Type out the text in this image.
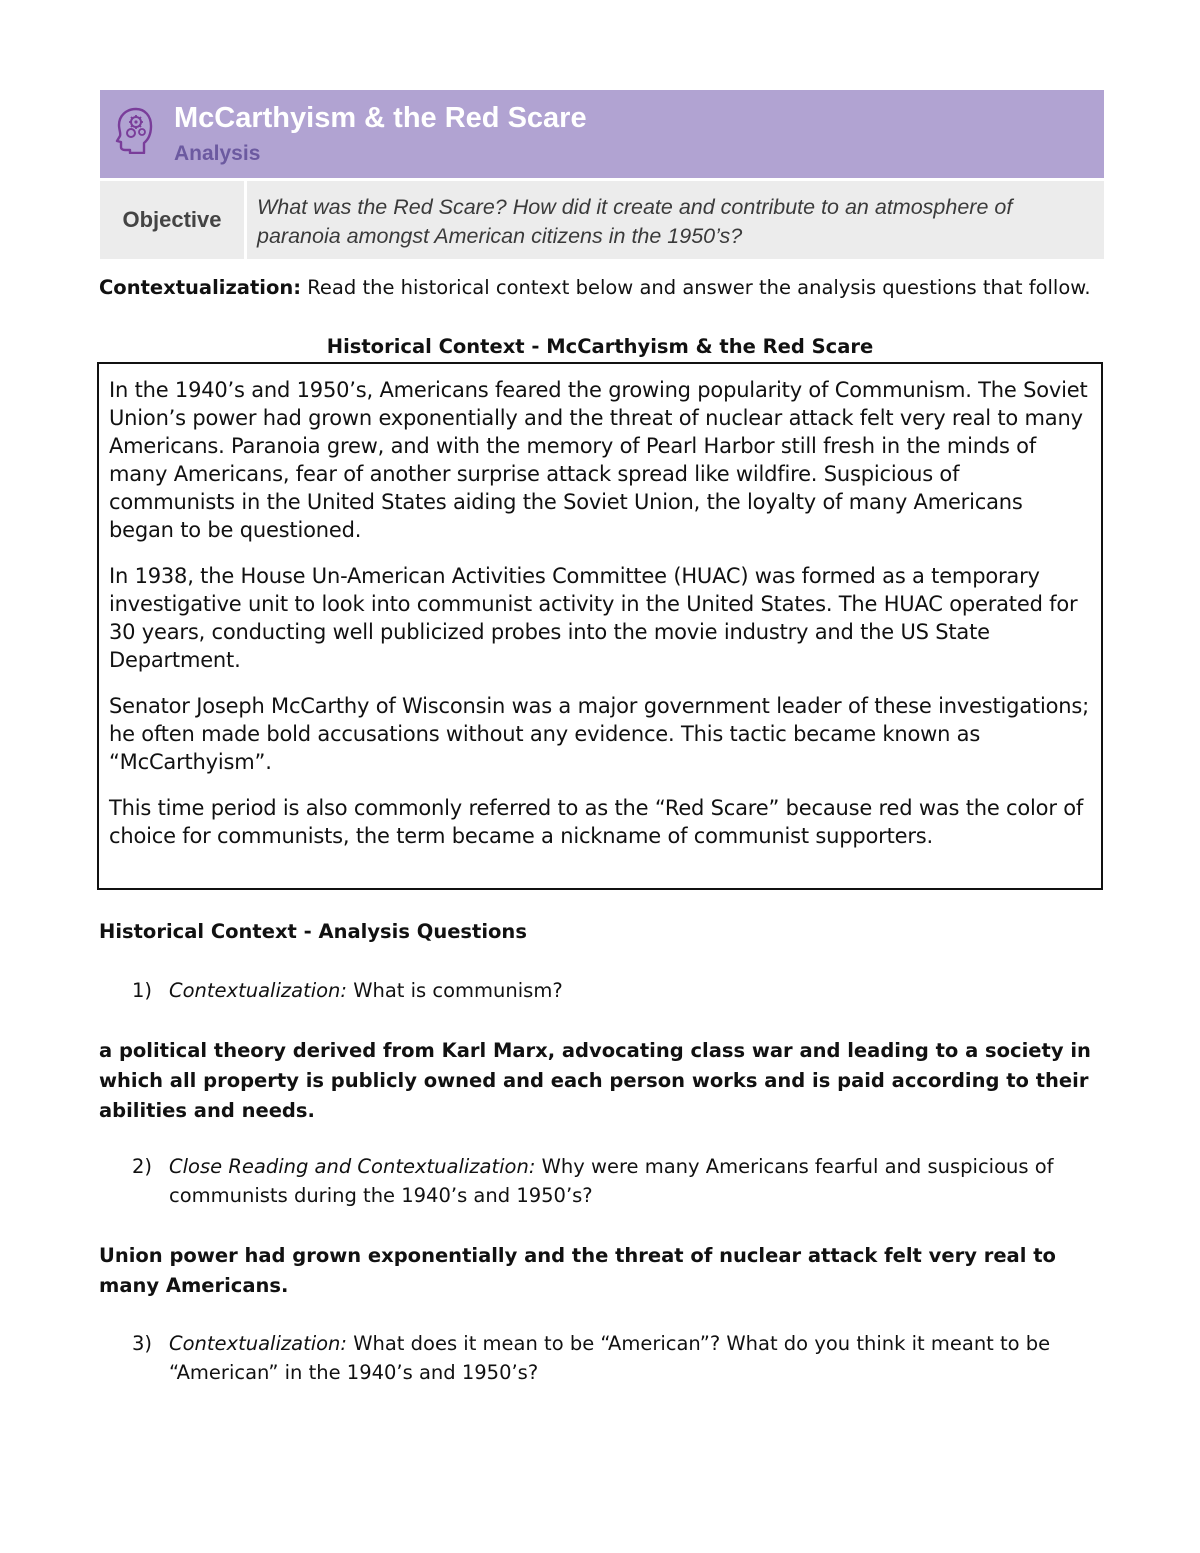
McCarthyism & the Red Scare
Analysis
Objective	What was the Red Scare? How did it create and contribute to an atmosphere of paranoia amongst American citizens in the 1950’s?
Contextualization: Read the historical context below and answer the analysis questions that follow.
Historical Context - McCarthyism & the Red Scare

In the 1940’s and 1950’s, Americans feared the growing popularity of Communism. The Soviet Union’s power had grown exponentially and the threat of nuclear attack felt very real to many Americans. Paranoia grew, and with the memory of Pearl Harbor still fresh in the minds of many Americans, fear of another surprise attack spread like wildfire. Suspicious of communists in the United States aiding the Soviet Union, the loyalty of many Americans began to be questioned.

In 1938, the House Un-American Activities Committee (HUAC) was formed as a temporary investigative unit to look into communist activity in the United States. The HUAC operated for 30 years, conducting well publicized probes into the movie industry and the US State Department.

Senator Joseph McCarthy of Wisconsin was a major government leader of these investigations; he often made bold accusations without any evidence. This tactic became known as “McCarthyism”.

This time period is also commonly referred to as the “Red Scare” because red was the color of choice for communists, the term became a nickname of communist supporters.

Historical Context - Analysis Questions
1) Contextualization: What is communism?
a political theory derived from Karl Marx, advocating class war and leading to a society in which all property is publicly owned and each person works and is paid according to their abilities and needs.
2) Close Reading and Contextualization: Why were many Americans fearful and suspicious of communists during the 1940’s and 1950’s?
Union power had grown exponentially and the threat of nuclear attack felt very real to many Americans.
3) Contextualization: What does it mean to be “American”? What do you think it meant to be “American” in the 1940’s and 1950’s?
